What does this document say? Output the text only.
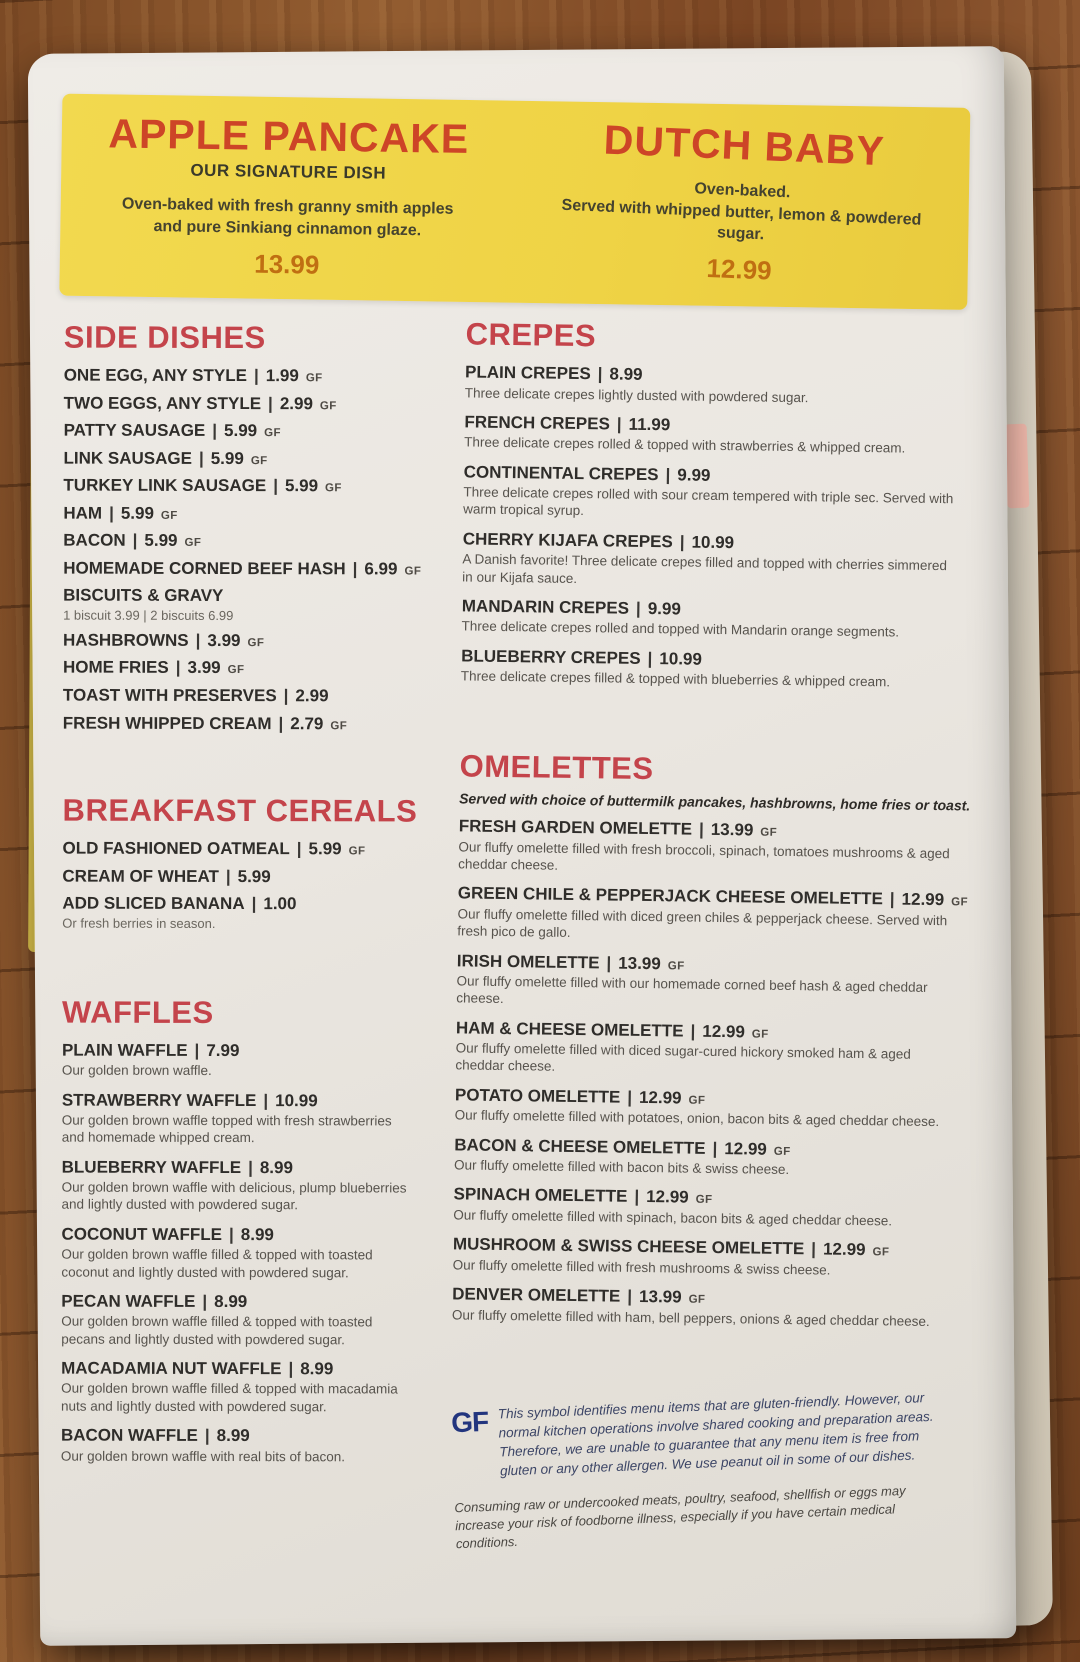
APPLE PANCAKE
OUR SIGNATURE DISH
Oven-baked with fresh granny smith apples
and pure Sinkiang cinnamon glaze.
13.99
DUTCH BABY
Oven-baked.
Served with whipped butter, lemon & powdered sugar.
12.99
SIDE DISHES
ONE EGG, ANY STYLE | 1.99 GF
TWO EGGS, ANY STYLE | 2.99 GF
PATTY SAUSAGE | 5.99 GF
LINK SAUSAGE | 5.99 GF
TURKEY LINK SAUSAGE | 5.99 GF
HAM | 5.99 GF
BACON | 5.99 GF
HOMEMADE CORNED BEEF HASH | 6.99 GF
BISCUITS & GRAVY
1 biscuit 3.99 | 2 biscuits 6.99
HASHBROWNS | 3.99 GF
HOME FRIES | 3.99 GF
TOAST WITH PRESERVES | 2.99
FRESH WHIPPED CREAM | 2.79 GF
BREAKFAST CEREALS
OLD FASHIONED OATMEAL | 5.99 GF
CREAM OF WHEAT | 5.99
ADD SLICED BANANA | 1.00
Or fresh berries in season.
WAFFLES
PLAIN WAFFLE | 7.99

Our golden brown waffle.

STRAWBERRY WAFFLE | 10.99

Our golden brown waffle topped with fresh strawberries and homemade whipped cream.

BLUEBERRY WAFFLE | 8.99

Our golden brown waffle with delicious, plump blueberries and lightly dusted with powdered sugar.

COCONUT WAFFLE | 8.99

Our golden brown waffle filled & topped with toasted coconut and lightly dusted with powdered sugar.

PECAN WAFFLE | 8.99

Our golden brown waffle filled & topped with toasted pecans and lightly dusted with powdered sugar.

MACADAMIA NUT WAFFLE | 8.99

Our golden brown waffle filled & topped with macadamia nuts and lightly dusted with powdered sugar.

BACON WAFFLE | 8.99

Our golden brown waffle with real bits of bacon.

CREPES
PLAIN CREPES | 8.99

Three delicate crepes lightly dusted with powdered sugar.

FRENCH CREPES | 11.99

Three delicate crepes rolled & topped with strawberries & whipped cream.

CONTINENTAL CREPES | 9.99

Three delicate crepes rolled with sour cream tempered with triple sec. Served with warm tropical syrup.

CHERRY KIJAFA CREPES | 10.99

A Danish favorite! Three delicate crepes filled and topped with cherries simmered in our Kijafa sauce.

MANDARIN CREPES | 9.99

Three delicate crepes rolled and topped with Mandarin orange segments.

BLUEBERRY CREPES | 10.99

Three delicate crepes filled & topped with blueberries & whipped cream.

OMELETTES

Served with choice of buttermilk pancakes, hashbrowns, home fries or toast.

FRESH GARDEN OMELETTE | 13.99 GF

Our fluffy omelette filled with fresh broccoli, spinach, tomatoes mushrooms & aged cheddar cheese.

GREEN CHILE & PEPPERJACK CHEESE OMELETTE | 12.99 GF

Our fluffy omelette filled with diced green chiles & pepperjack cheese. Served with fresh pico de gallo.

IRISH OMELETTE | 13.99 GF

Our fluffy omelette filled with our homemade corned beef hash & aged cheddar cheese.

HAM & CHEESE OMELETTE | 12.99 GF

Our fluffy omelette filled with diced sugar-cured hickory smoked ham & aged cheddar cheese.

POTATO OMELETTE | 12.99 GF

Our fluffy omelette filled with potatoes, onion, bacon bits & aged cheddar cheese.

BACON & CHEESE OMELETTE | 12.99 GF

Our fluffy omelette filled with bacon bits & swiss cheese.

SPINACH OMELETTE | 12.99 GF

Our fluffy omelette filled with spinach, bacon bits & aged cheddar cheese.

MUSHROOM & SWISS CHEESE OMELETTE | 12.99 GF

Our fluffy omelette filled with fresh mushrooms & swiss cheese.

DENVER OMELETTE | 13.99 GF

Our fluffy omelette filled with ham, bell peppers, onions & aged cheddar cheese.

GF

This symbol identifies menu items that are gluten-friendly. However, our normal kitchen operations involve shared cooking and preparation areas. Therefore, we are unable to guarantee that any menu item is free from gluten or any other allergen. We use peanut oil in some of our dishes.

Consuming raw or undercooked meats, poultry, seafood, shellfish or eggs may increase your risk of foodborne illness, especially if you have certain medical conditions.
